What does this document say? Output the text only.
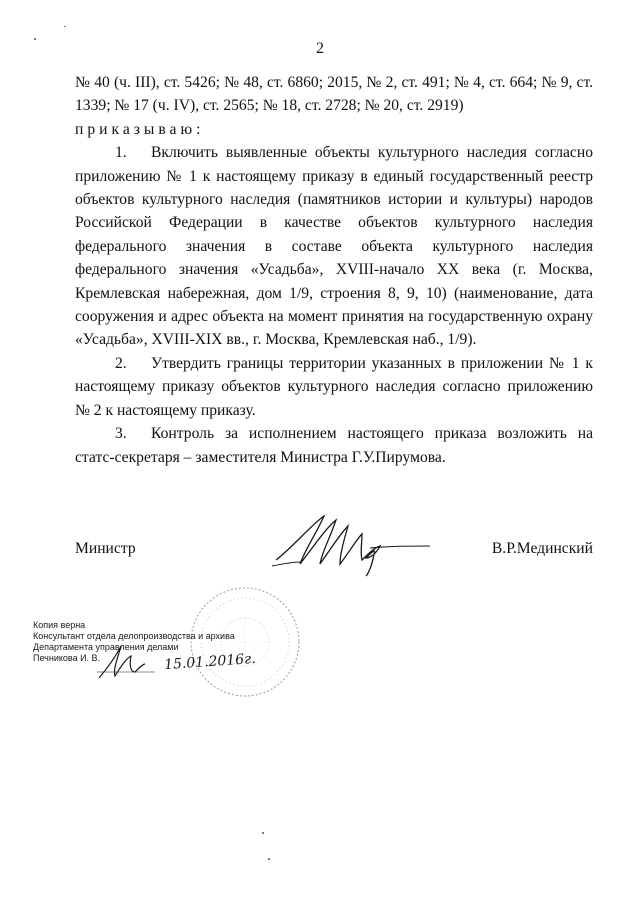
2

№ 40 (ч. III), ст. 5426; № 48, ст. 6860; 2015, № 2, ст. 491; № 4, ст. 664; № 9, ст. 1339; № 17 (ч. IV), ст. 2565; № 18, ст. 2728; № 20, ст. 2919)

приказываю:

1. Включить выявленные объекты культурного наследия согласно приложению № 1 к настоящему приказу в единый государственный реестр объектов культурного наследия (памятников истории и культуры) народов Российской Федерации в качестве объектов культурного наследия федерального значения в составе объекта культурного наследия федерального значения «Усадьба», XVIII-начало XX века (г. Москва, Кремлевская набережная, дом 1/9, строения 8, 9, 10) (наименование, дата сооружения и адрес объекта на момент принятия на государственную охрану «Усадьба», XVIII-XIX вв., г. Москва, Кремлевская наб., 1/9).

2. Утвердить границы территории указанных в приложении № 1 к настоящему приказу объектов культурного наследия согласно приложению № 2 к настоящему приказу.

3. Контроль за исполнением настоящего приказа возложить на статс-секретаря – заместителя Министра Г.У.Пирумова.

Министр	В.Р.Мединский
Копия верна
Консультант отдела делопроизводства и архива
Департамента управления делами
Печникова И. В.	15.01.2016г.
